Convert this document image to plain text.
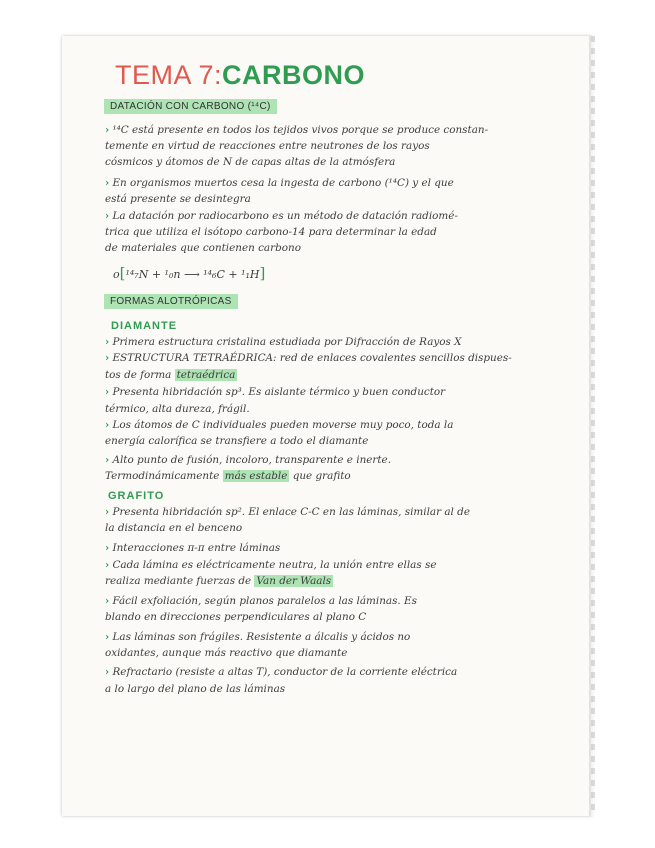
TEMA 7:CARBONO
DATACIÓN CON CARBONO (¹⁴C)
› ¹⁴C está presente en todos los tejidos vivos porque se produce constan-
temente en virtud de reacciones entre neutrones de los rayos
cósmicos y átomos de N de capas altas de la atmósfera
› En organismos muertos cesa la ingesta de carbono (¹⁴C) y el que
está presente se desintegra
› La datación por radiocarbono es un método de datación radiomé-
trica que utiliza el isótopo carbono-14 para determinar la edad
de materiales que contienen carbono
o[¹⁴₇N + ¹₀n ⟶ ¹⁴₆C + ¹₁H]
FORMAS ALOTRÓPICAS
DIAMANTE
› Primera estructura cristalina estudiada por Difracción de Rayos X
› ESTRUCTURA TETRAÉDRICA: red de enlaces covalentes sencillos dispues-
tos de forma tetraédrica
› Presenta hibridación sp³. Es aislante térmico y buen conductor
térmico, alta dureza, frágil.
› Los átomos de C individuales pueden moverse muy poco, toda la
energía calorífica se transfiere a todo el diamante
› Alto punto de fusión, incoloro, transparente e inerte.
Termodinámicamente más estable que grafito
GRAFITO
› Presenta hibridación sp². El enlace C-C en las láminas, similar al de
la distancia en el benceno
› Interacciones π-π entre láminas
› Cada lámina es eléctricamente neutra, la unión entre ellas se
realiza mediante fuerzas de Van der Waals
› Fácil exfoliación, según planos paralelos a las láminas. Es
blando en direcciones perpendiculares al plano C
› Las láminas son frágiles. Resistente a álcalis y ácidos no
oxidantes, aunque más reactivo que diamante
› Refractario (resiste a altas T), conductor de la corriente eléctrica
a lo largo del plano de las láminas
